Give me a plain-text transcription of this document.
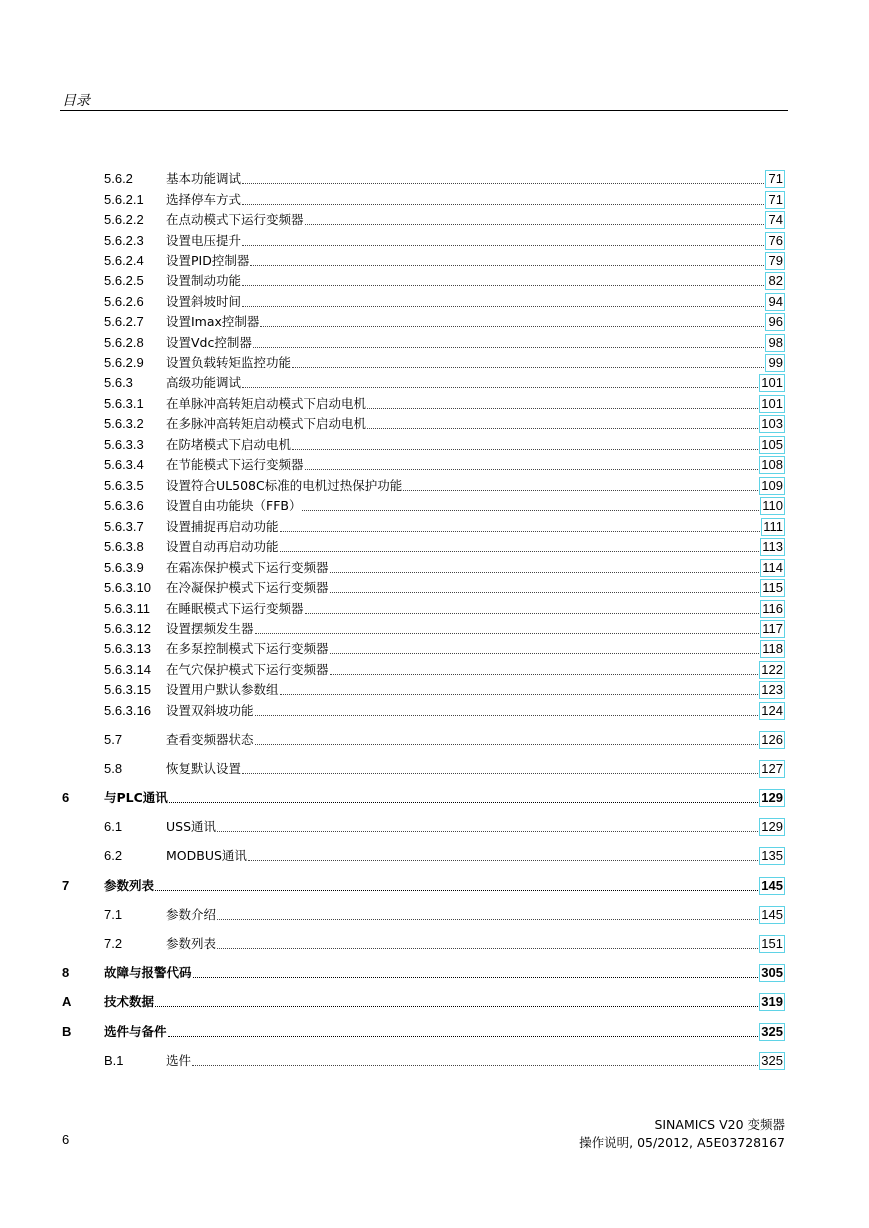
目录
5.6.2	基本功能调试	71
5.6.2.1 选择停车方式	71
5.6.2.2 在点动模式下运行变频器	74
5.6.2.3 设置电压提升	76
5.6.2.4 设置PID控制器	79
5.6.2.5 设置制动功能	82
5.6.2.6 设置斜坡时间	94
5.6.2.7 设置Imax控制器	96
5.6.2.8 设置Vdc控制器	98
5.6.2.9 设置负载转矩监控功能	99
5.6.3	高级功能调试	101
5.6.3.1 在单脉冲高转矩启动模式下启动电机	101
5.6.3.2 在多脉冲高转矩启动模式下启动电机	103
5.6.3.3 在防堵模式下启动电机	105
5.6.3.4 在节能模式下运行变频器	108
5.6.3.5 设置符合UL508C标准的电机过热保护功能	109
5.6.3.6 设置自由功能块（FFB）	110
5.6.3.7 设置捕捉再启动功能	111
5.6.3.8 设置自动再启动功能	113
5.6.3.9 在霜冻保护模式下运行变频器	114
5.6.3.10 在冷凝保护模式下运行变频器	115
5.6.3.11 在睡眠模式下运行变频器	116
5.6.3.12 设置摆频发生器	117
5.6.3.13 在多泵控制模式下运行变频器	118
5.6.3.14 在气穴保护模式下运行变频器	122
5.6.3.15 设置用户默认参数组	123
5.6.3.16 设置双斜坡功能	124
5.7	查看变频器状态	126
5.8	恢复默认设置	127
6	与PLC通讯	129
6.1	USS通讯	129
6.2	MODBUS通讯	135
7	参数列表	145
7.1	参数介绍	145
7.2	参数列表	151
8	故障与报警代码	305
A	技术数据	319
B	选件与备件	325
B.1	选件	325
SINAMICS V20 变频器
操作说明, 05/2012, A5E03728167
6
